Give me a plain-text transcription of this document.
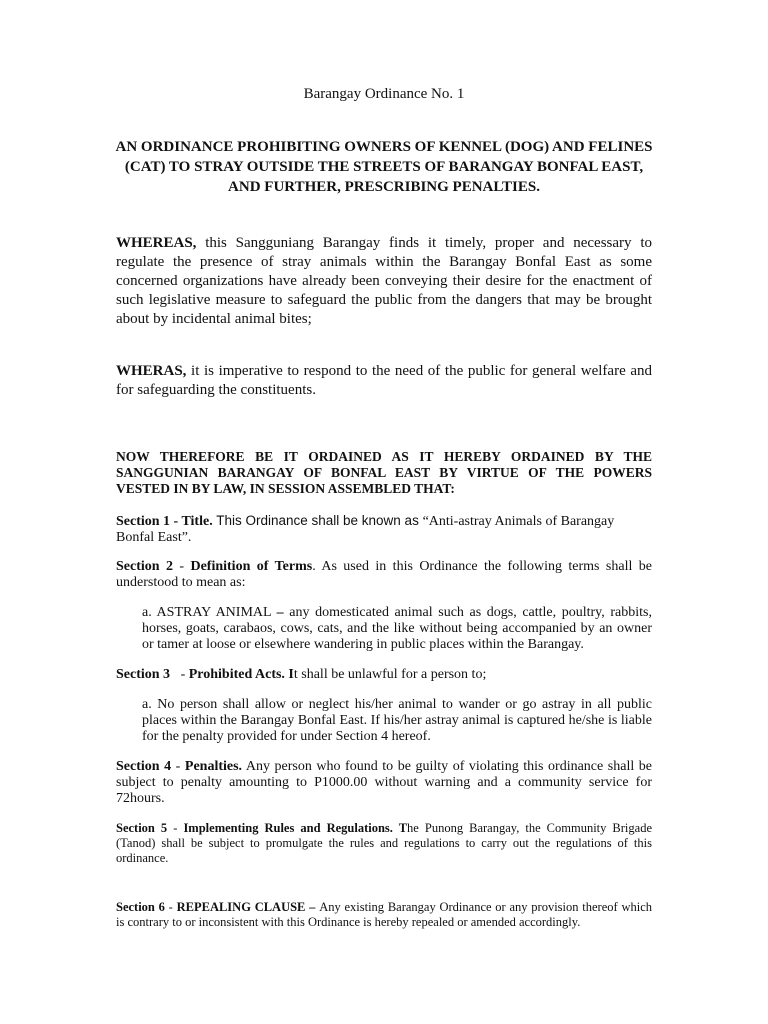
Barangay Ordinance No. 1

AN ORDINANCE PROHIBITING OWNERS OF KENNEL (DOG) AND FELINES (CAT) TO STRAY OUTSIDE THE STREETS OF BARANGAY BONFAL EAST, AND FURTHER, PRESCRIBING PENALTIES.

WHEREAS, this Sangguniang Barangay finds it timely, proper and necessary to regulate the presence of stray animals within the Barangay Bonfal East as some concerned organizations have already been conveying their desire for the enactment of such legislative measure to safeguard the public from the dangers that may be brought about by incidental animal bites;

WHERAS, it is imperative to respond to the need of the public for general welfare and for safeguarding the constituents.

NOW THEREFORE BE IT ORDAINED AS IT HEREBY ORDAINED BY THE SANGGUNIAN BARANGAY OF BONFAL EAST BY VIRTUE OF THE POWERS VESTED IN BY LAW, IN SESSION ASSEMBLED THAT:

Section 1 - Title. This Ordinance shall be known as “Anti-astray Animals of Barangay Bonfal East”.

Section 2 - Definition of Terms. As used in this Ordinance the following terms shall be understood to mean as:

a. ASTRAY ANIMAL – any domesticated animal such as dogs, cattle, poultry, rabbits, horses, goats, carabaos, cows, cats, and the like without being accompanied by an owner or tamer at loose or elsewhere wandering in public places within the Barangay.

Section 3   - Prohibited Acts. It shall be unlawful for a person to;

a. No person shall allow or neglect his/her animal to wander or go astray in all public places within the Barangay Bonfal East. If his/her astray animal is captured he/she is liable for the penalty provided for under Section 4 hereof.

Section 4 - Penalties. Any person who found to be guilty of violating this ordinance shall be subject to penalty amounting to P1000.00 without warning and a community service for 72hours.

Section 5 - Implementing Rules and Regulations. The Punong Barangay, the Community Brigade (Tanod) shall be subject to promulgate the rules and regulations to carry out the regulations of this ordinance.

Section 6 - REPEALING CLAUSE – Any existing Barangay Ordinance or any provision thereof which is contrary to or inconsistent with this Ordinance is hereby repealed or amended accordingly.
